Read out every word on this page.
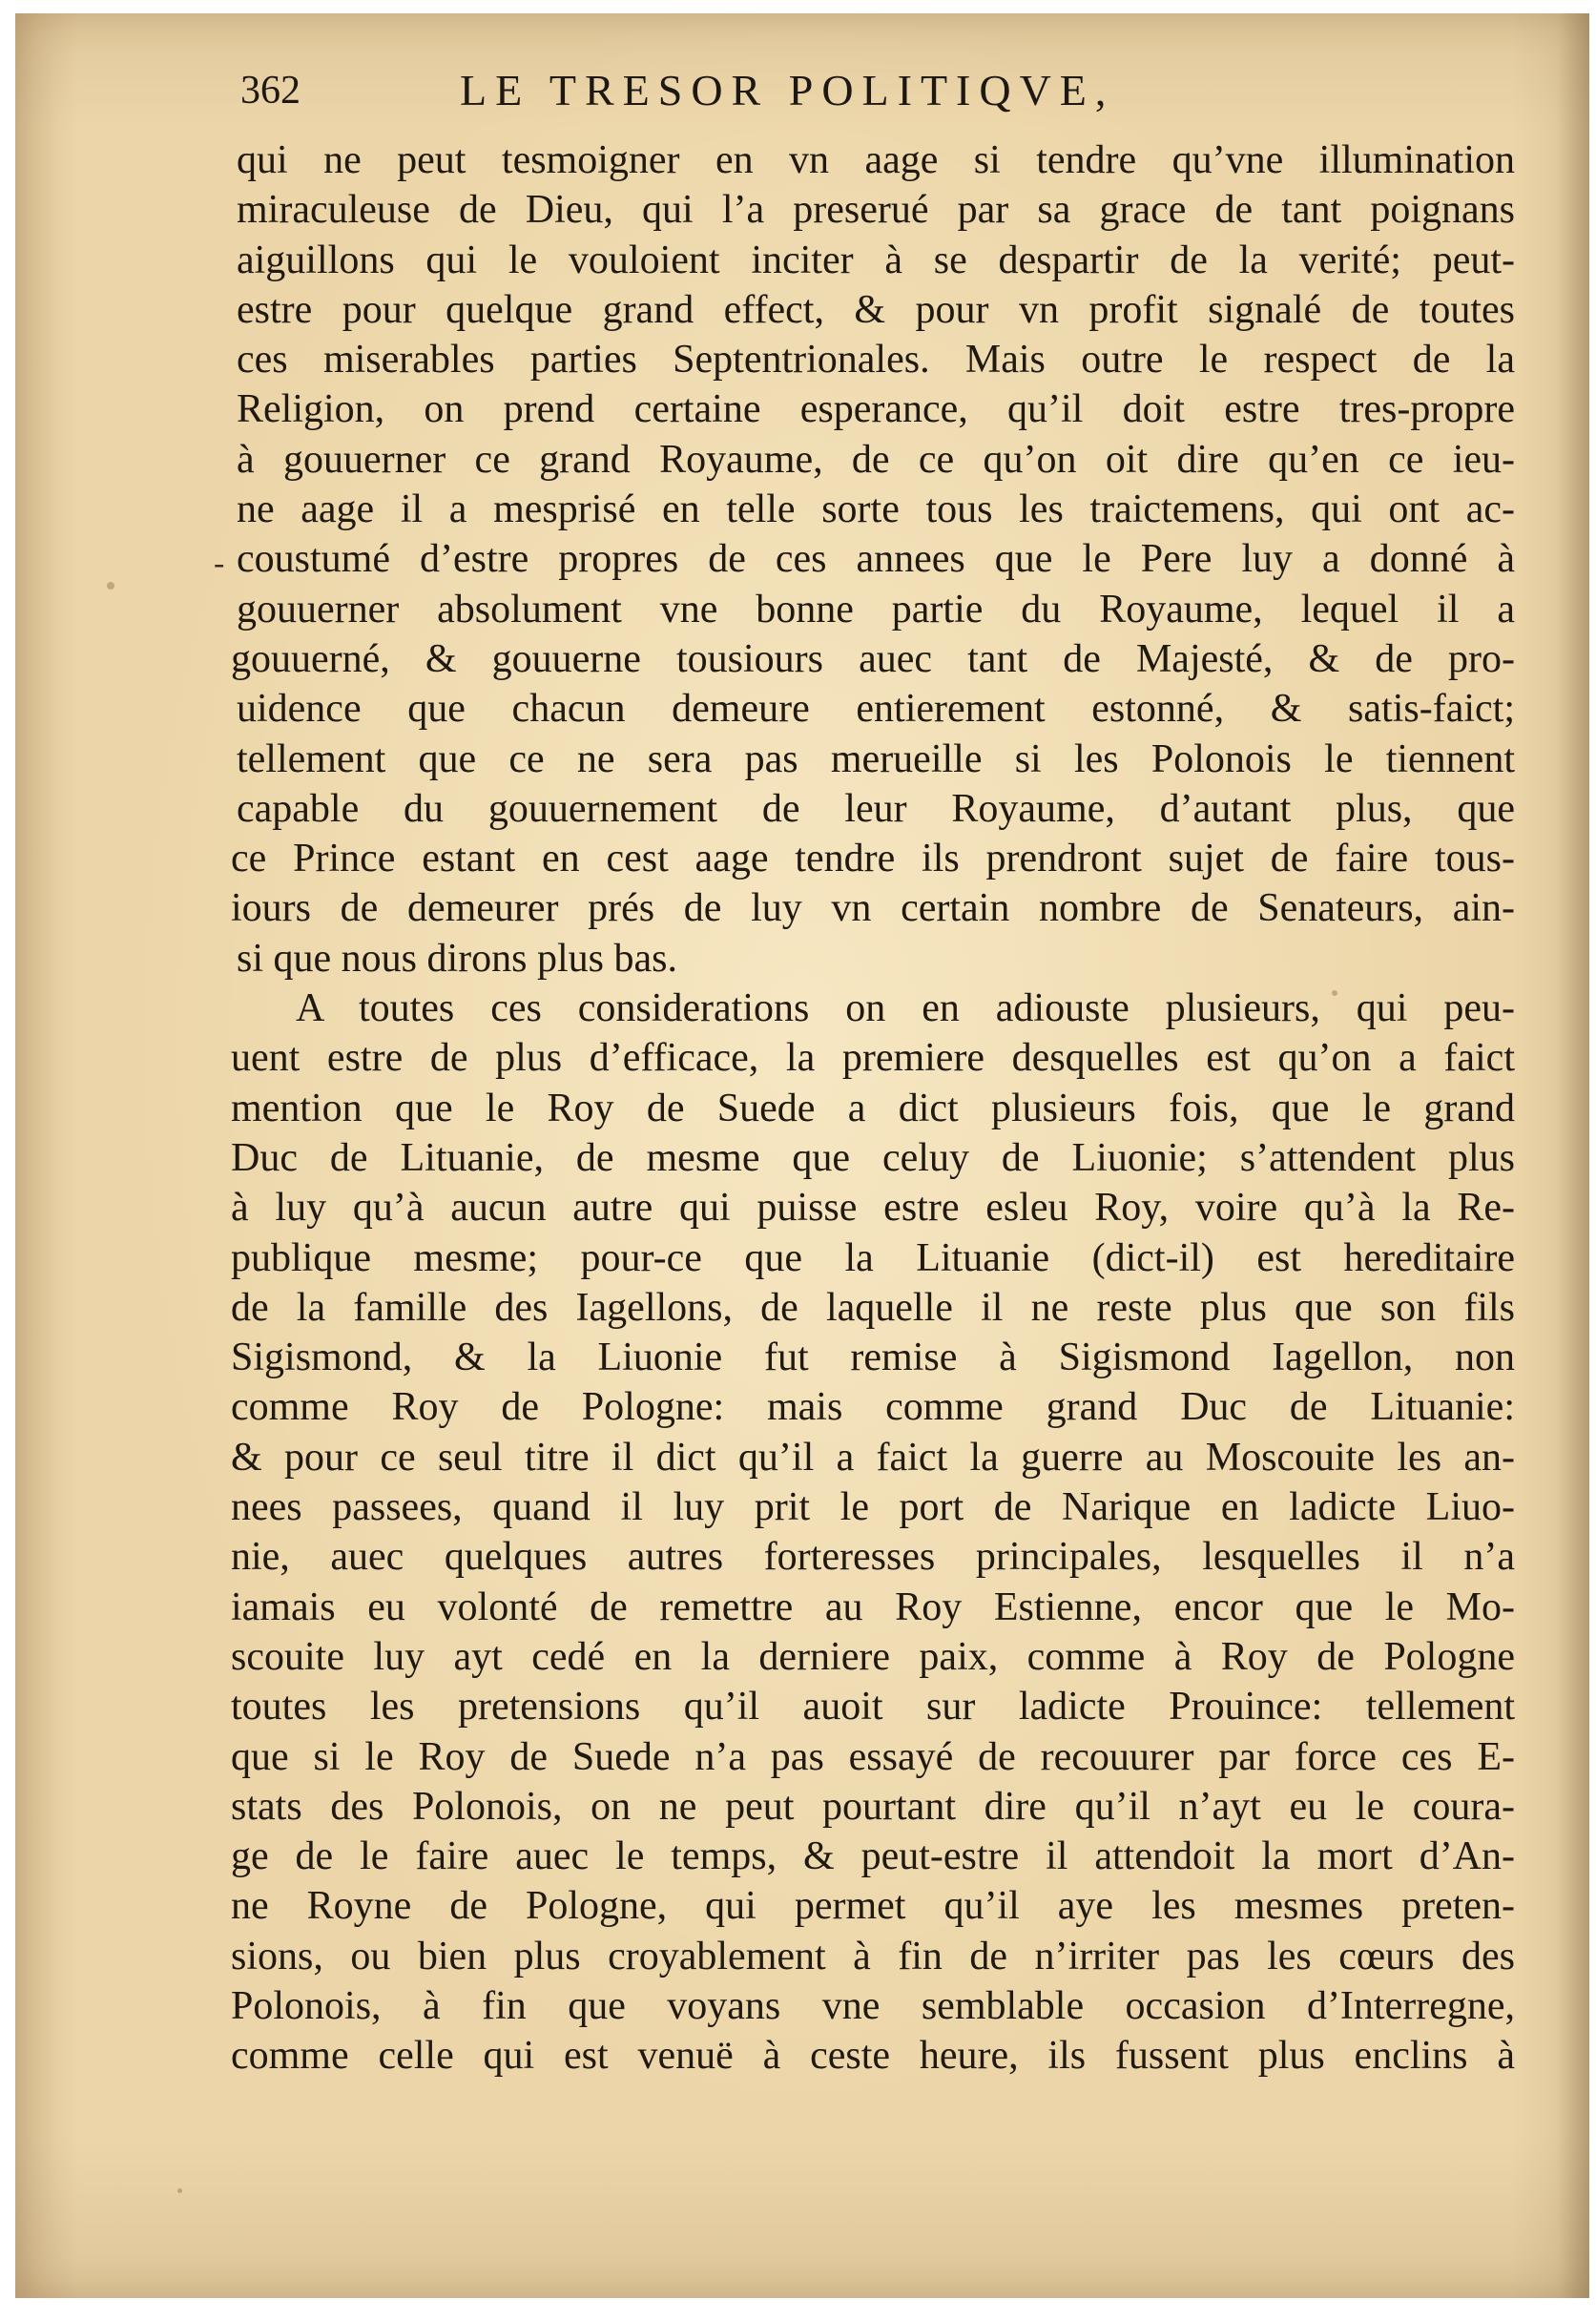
362	LE TRESOR POLITIQVE,
-
qui ne peut tesmoigner en vn aage si tendre qu’vne illumination
miraculeuse de Dieu, qui l’a preserué par sa grace de tant poignans
aiguillons qui le vouloient inciter à se despartir de la verité; peut-
estre pour quelque grand effect, & pour vn profit signalé de toutes
ces miserables parties Septentrionales. Mais outre le respect de la
Religion, on prend certaine esperance, qu’il doit estre tres-propre
à gouuerner ce grand Royaume, de ce qu’on oit dire qu’en ce ieu-
ne aage il a mesprisé en telle sorte tous les traictemens, qui ont ac-
coustumé d’estre propres de ces annees que le Pere luy a donné à
gouuerner absolument vne bonne partie du Royaume, lequel il a
gouuerné, & gouuerne tousiours auec tant de Majesté, & de pro-
uidence que chacun demeure entierement estonné, & satis-faict;
tellement que ce ne sera pas merueille si les Polonois le tiennent
capable du gouuernement de leur Royaume, d’autant plus, que
ce Prince estant en cest aage tendre ils prendront sujet de faire tous-
iours de demeurer prés de luy vn certain nombre de Senateurs, ain-
si que nous dirons plus bas.
A toutes ces considerations on en adiouste plusieurs, qui peu-
uent estre de plus d’efficace, la premiere desquelles est qu’on a faict
mention que le Roy de Suede a dict plusieurs fois, que le grand
Duc de Lituanie, de mesme que celuy de Liuonie; s’attendent plus
à luy qu’à aucun autre qui puisse estre esleu Roy, voire qu’à la Re-
publique mesme; pour-ce que la Lituanie (dict-il) est hereditaire
de la famille des Iagellons, de laquelle il ne reste plus que son fils
Sigismond, & la Liuonie fut remise à Sigismond Iagellon, non
comme Roy de Pologne: mais comme grand Duc de Lituanie:
& pour ce seul titre il dict qu’il a faict la guerre au Moscouite les an-
nees passees, quand il luy prit le port de Narique en ladicte Liuo-
nie, auec quelques autres forteresses principales, lesquelles il n’a
iamais eu volonté de remettre au Roy Estienne, encor que le Mo-
scouite luy ayt cedé en la derniere paix, comme à Roy de Pologne
toutes les pretensions qu’il auoit sur ladicte Prouince: tellement
que si le Roy de Suede n’a pas essayé de recouurer par force ces E-
stats des Polonois, on ne peut pourtant dire qu’il n’ayt eu le coura-
ge de le faire auec le temps, & peut-estre il attendoit la mort d’An-
ne Royne de Pologne, qui permet qu’il aye les mesmes preten-
sions, ou bien plus croyablement à fin de n’irriter pas les cœurs des
Polonois, à fin que voyans vne semblable occasion d’Interregne,
comme celle qui est venuë à ceste heure, ils fussent plus enclins à
